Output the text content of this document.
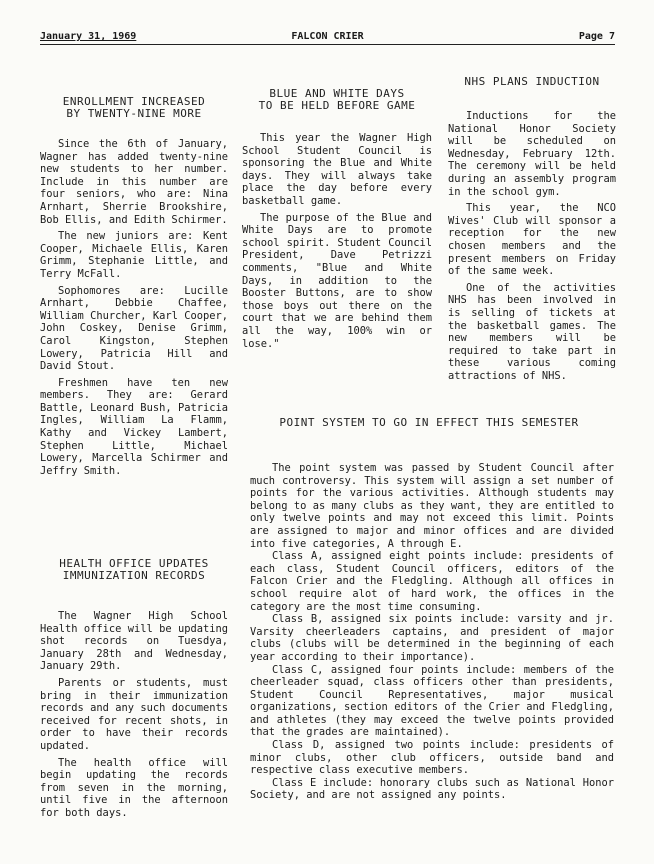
January 31, 1969	FALCON CRIER	Page 7
ENROLLMENT INCREASED
BY TWENTY-NINE MORE

Since the 6th of January, Wagner has added twenty-nine new students to her number. Include in this number are four seniors, who are: Nina Arnhart, Sherrie Brookshire, Bob Ellis, and Edith Schirmer.

The new juniors are: Kent Cooper, Michaele Ellis, Karen Grimm, Stephanie Little, and Terry McFall.

Sophomores are: Lucille Arnhart, Debbie Chaffee, William Churcher, Karl Cooper, John Coskey, Denise Grimm, Carol Kingston, Stephen Lowery, Patricia Hill and David Stout.

Freshmen have ten new members. They are: Gerard Battle, Leonard Bush, Patricia Ingles, William La Flamm, Kathy and Vickey Lambert, Stephen Little, Michael Lowery, Marcella Schirmer and Jeffry Smith.

HEALTH OFFICE UPDATES
IMMUNIZATION RECORDS

The Wagner High School Health office will be updating shot records on Tuesdya, January 28th and Wednesday, January 29th.

Parents or students, must bring in their immunization records and any such documents received for recent shots, in order to have their records updated.

The health office will begin updating the records from seven in the morning, until five in the afternoon for both days.

BLUE AND WHITE DAYS
TO BE HELD BEFORE GAME

This year the Wagner High School Student Council is sponsoring the Blue and White days. They will always take place the day before every basketball game.

The purpose of the Blue and White Days are to promote school spirit. Student Council President, Dave Petrizzi comments, "Blue and White Days, in addition to the Booster Buttons, are to show those boys out there on the court that we are behind them all the way, 100% win or lose."

NHS PLANS INDUCTION

Inductions for the National Honor Society will be scheduled on Wednesday, February 12th. The ceremony will be held during an assembly program in the school gym.

This year, the NCO Wives' Club will sponsor a reception for the new chosen members and the present members on Friday of the same week.

One of the activities NHS has been involved in is selling of tickets at the basketball games. The new members will be required to take part in these various coming attractions of NHS.

POINT SYSTEM TO GO IN EFFECT THIS SEMESTER

The point system was passed by Student Council after much controversy. This system will assign a set number of points for the various activities. Although students may belong to as many clubs as they want, they are entitled to only twelve points and may not exceed this limit. Points are assigned to major and minor offices and are divided into five categories, A through E.

Class A, assigned eight points include: presidents of each class, Student Council officers, editors of the Falcon Crier and the Fledgling. Although all offices in school require alot of hard work, the offices in the category are the most time consuming.

Class B, assigned six points include: varsity and jr. Varsity cheerleaders captains, and president of major clubs (clubs will be determined in the beginning of each year according to their importance).

Class C, assigned four points include: members of the cheerleader squad, class officers other than presidents, Student Council Representatives, major musical organizations, section editors of the Crier and Fledgling, and athletes (they may exceed the twelve points provided that the grades are maintained).

Class D, assigned two points include: presidents of minor clubs, other club officers, outside band and respective class executive members.

Class E include: honorary clubs such as National Honor Society, and are not assigned any points.
